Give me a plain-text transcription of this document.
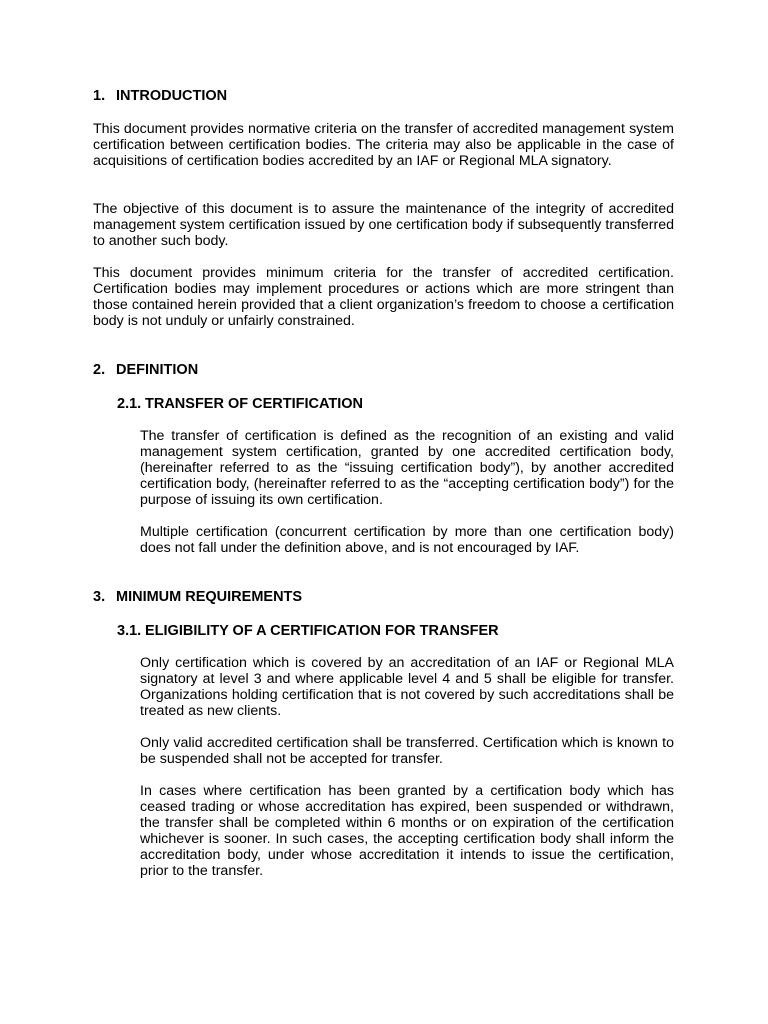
1. INTRODUCTION

This document provides normative criteria on the transfer of accredited management system certification between certification bodies. The criteria may also be applicable in the case of acquisitions of certification bodies accredited by an IAF or Regional MLA signatory.

The objective of this document is to assure the maintenance of the integrity of accredited management system certification issued by one certification body if subsequently transferred to another such body.

This document provides minimum criteria for the transfer of accredited certification. Certification bodies may implement procedures or actions which are more stringent than those contained herein provided that a client organization’s freedom to choose a certification body is not unduly or unfairly constrained.

2. DEFINITION
2.1. TRANSFER OF CERTIFICATION

The transfer of certification is defined as the recognition of an existing and valid management system certification, granted by one accredited certification body, (hereinafter referred to as the “issuing certification body”), by another accredited certification body, (hereinafter referred to as the “accepting certification body”) for the purpose of issuing its own certification.

Multiple certification (concurrent certification by more than one certification body) does not fall under the definition above, and is not encouraged by IAF.

3. MINIMUM REQUIREMENTS
3.1. ELIGIBILITY OF A CERTIFICATION FOR TRANSFER

Only certification which is covered by an accreditation of an IAF or Regional MLA signatory at level 3 and where applicable level 4 and 5 shall be eligible for transfer. Organizations holding certification that is not covered by such accreditations shall be treated as new clients.

Only valid accredited certification shall be transferred. Certification which is known to be suspended shall not be accepted for transfer.

In cases where certification has been granted by a certification body which has ceased trading or whose accreditation has expired, been suspended or withdrawn, the transfer shall be completed within 6 months or on expiration of the certification whichever is sooner. In such cases, the accepting certification body shall inform the accreditation body, under whose accreditation it intends to issue the certification, prior to the transfer.
